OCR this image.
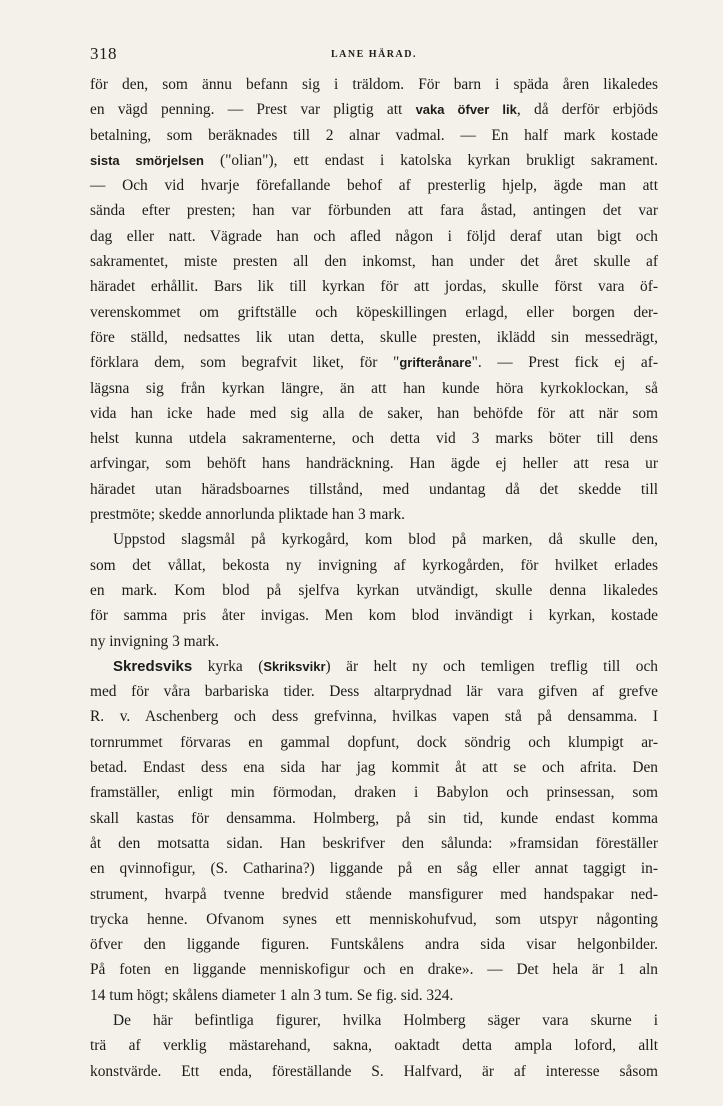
318	LANE HÄRAD.
för den, som ännu befann sig i träldom. För barn i späda åren likaledes
en vägd penning. — Prest var pligtig att vaka öfver lik, då derför erbjöds
betalning, som beräknades till 2 alnar vadmal. — En half mark kostade
sista smörjelsen ("olian"), ett endast i katolska kyrkan brukligt sakrament.
— Och vid hvarje förefallande behof af presterlig hjelp, ägde man att
sända efter presten; han var förbunden att fara åstad, antingen det var
dag eller natt. Vägrade han och afled någon i följd deraf utan bigt och
sakramentet, miste presten all den inkomst, han under det året skulle af
häradet erhållit. Bars lik till kyrkan för att jordas, skulle först vara öf-
verenskommet om griftställe och köpeskillingen erlagd, eller borgen der-
före ställd, nedsattes lik utan detta, skulle presten, iklädd sin messedrägt,
förklara dem, som begrafvit liket, för "grifterånare". — Prest fick ej af-
lägsna sig från kyrkan längre, än att han kunde höra kyrkoklockan, så
vida han icke hade med sig alla de saker, han behöfde för att när som
helst kunna utdela sakramenterne, och detta vid 3 marks böter till dens
arfvingar, som behöft hans handräckning. Han ägde ej heller att resa ur
häradet utan häradsboarnes tillstånd, med undantag då det skedde till
prestmöte; skedde annorlunda pliktade han 3 mark.
Uppstod slagsmål på kyrkogård, kom blod på marken, då skulle den,
som det vållat, bekosta ny invigning af kyrkogården, för hvilket erlades
en mark. Kom blod på sjelfva kyrkan utvändigt, skulle denna likaledes
för samma pris åter invigas. Men kom blod invändigt i kyrkan, kostade
ny invigning 3 mark.
Skredsviks kyrka (Skriksvikr) är helt ny och temligen treflig till och
med för våra barbariska tider. Dess altarprydnad lär vara gifven af grefve
R. v. Aschenberg och dess grefvinna, hvilkas vapen stå på densamma. I
tornrummet förvaras en gammal dopfunt, dock söndrig och klumpigt ar-
betad. Endast dess ena sida har jag kommit åt att se och afrita. Den
framställer, enligt min förmodan, draken i Babylon och prinsessan, som
skall kastas för densamma. Holmberg, på sin tid, kunde endast komma
åt den motsatta sidan. Han beskrifver den sålunda: »framsidan föreställer
en qvinnofigur, (S. Catharina?) liggande på en såg eller annat taggigt in-
strument, hvarpå tvenne bredvid stående mansfigurer med handspakar ned-
trycka henne. Ofvanom synes ett menniskohufvud, som utspyr någonting
öfver den liggande figuren. Funtskålens andra sida visar helgonbilder.
På foten en liggande menniskofigur och en drake». — Det hela är 1 aln
14 tum högt; skålens diameter 1 aln 3 tum. Se fig. sid. 324.
De här befintliga figurer, hvilka Holmberg säger vara skurne i
trä af verklig mästarehand, sakna, oaktadt detta ampla loford, allt
konstvärde. Ett enda, föreställande S. Halfvard, är af interesse såsom
